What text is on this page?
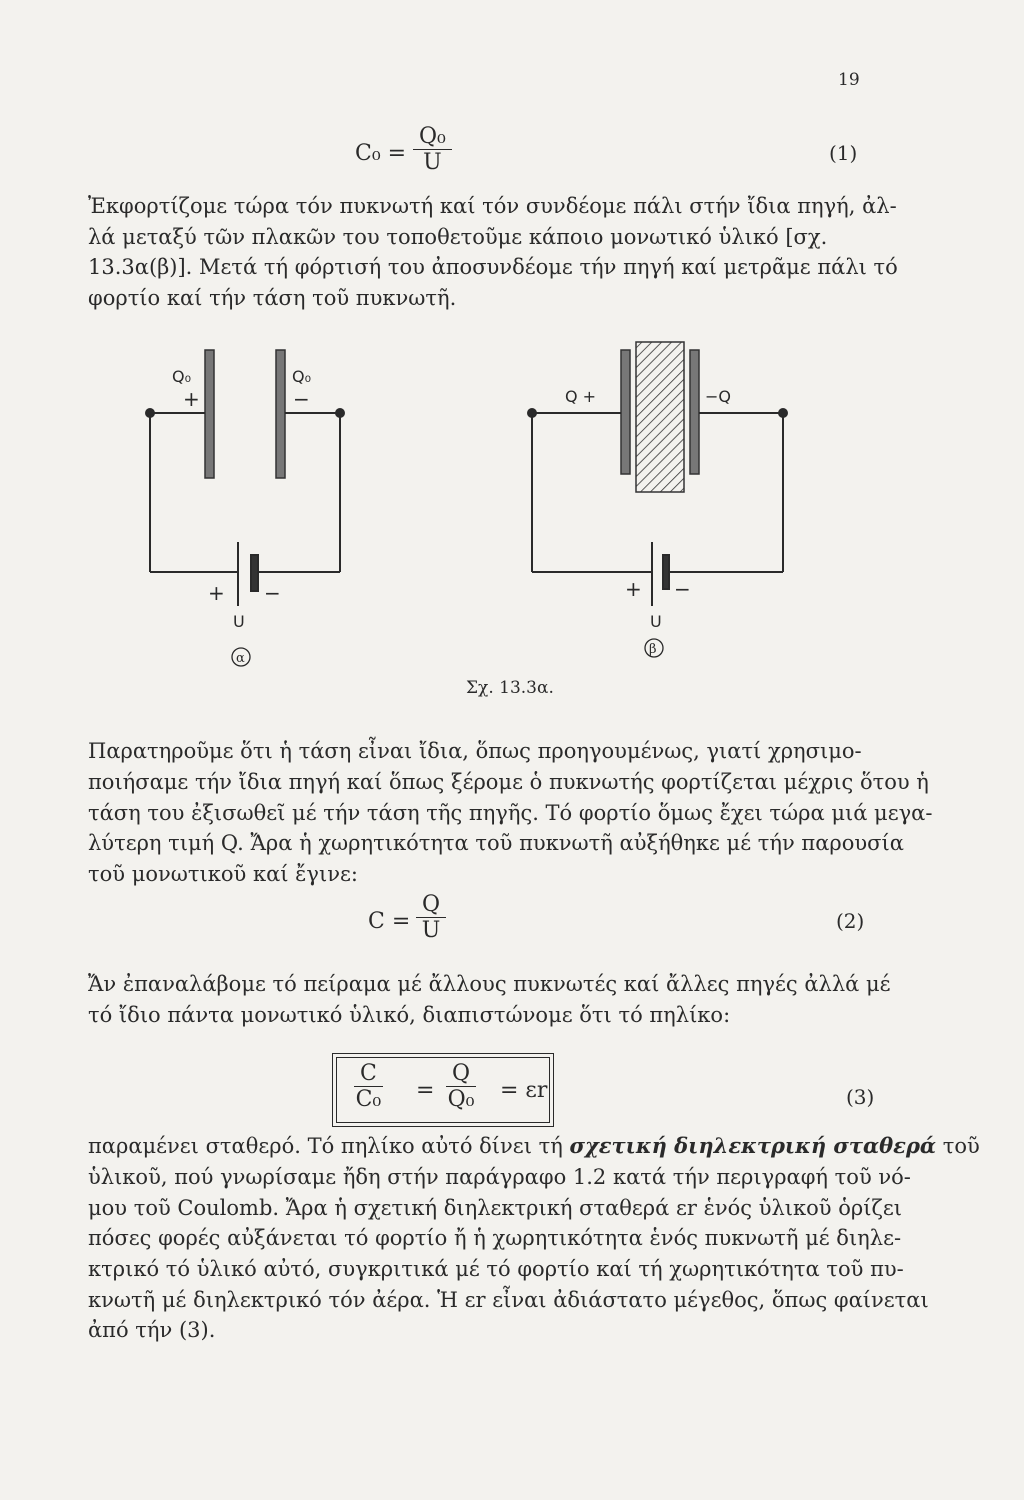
19
$C_0 = \frac{\text{Q₀}}{U}$	(1)
Ἐκφορτίζομε τώρα τόν πυκνωτή καί τόν συνδέομε πάλι στήν ἴδια πηγή, ἀλ-
λά μεταξύ τῶν πλακῶν του τοποθετοῦμε κάποιο μονωτικό ὑλικό [σχ.
13.3α(β)]. Μετά τή φόρτισή του ἀποσυνδέομε τήν πηγή καί μετρᾶμε πάλι τό
φορτίο καί τήν τάση τοῦ πυκνωτῆ.
Q₀
+
Q₀
−
+ −
U
α
Q +	−Q
+ −
U
β
Σχ. 13.3α.
Παρατηροῦμε ὅτι ἡ τάση εἶναι ἴδια, ὅπως προηγουμένως, γιατί χρησιμο-
ποιήσαμε τήν ἴδια πηγή καί ὅπως ξέρομε ὁ πυκνωτής φορτίζεται μέχρις ὅτου ἡ
τάση του ἐξισωθεῖ μέ τήν τάση τῆς πηγῆς. Τό φορτίο ὅμως ἔχει τώρα μιά μεγα-
λύτερη τιμή Q. Ἄρα ἡ χωρητικότητα τοῦ πυκνωτῆ αὐξήθηκε μέ τήν παρουσία
τοῦ μονωτικοῦ καί ἔγινε:
$C = \frac{Q}{U}$	(2)
Ἄν ἐπαναλάβομε τό πείραμα μέ ἄλλους πυκνωτές καί ἄλλες πηγές ἀλλά μέ
τό ἴδιο πάντα μονωτικό ὑλικό, διαπιστώνομε ὅτι τό πηλίκο:
$\frac{C}{\text{C₀}} = \frac{Q}{\text{Q₀}} = \varepsilon r$	(3)
παραμένει σταθερό. Τό πηλίκο αὐτό δίνει τή σχετική διηλεκτρική σταθερά τοῦ
ὑλικοῦ, πού γνωρίσαμε ἤδη στήν παράγραφο 1.2 κατά τήν περιγραφή τοῦ νό-
μου τοῦ Coulomb. Ἄρα ἡ σχετική διηλεκτρική σταθερά εr ἑνός ὑλικοῦ ὁρίζει
πόσες φορές αὐξάνεται τό φορτίο ἤ ἡ χωρητικότητα ἑνός πυκνωτῆ μέ διηλε-
κτρικό τό ὑλικό αὐτό, συγκριτικά μέ τό φορτίο καί τή χωρητικότητα τοῦ πυ-
κνωτῆ μέ διηλεκτρικό τόν ἀέρα. Ἡ εr εἶναι ἀδιάστατο μέγεθος, ὅπως φαίνεται
ἀπό τήν (3).
